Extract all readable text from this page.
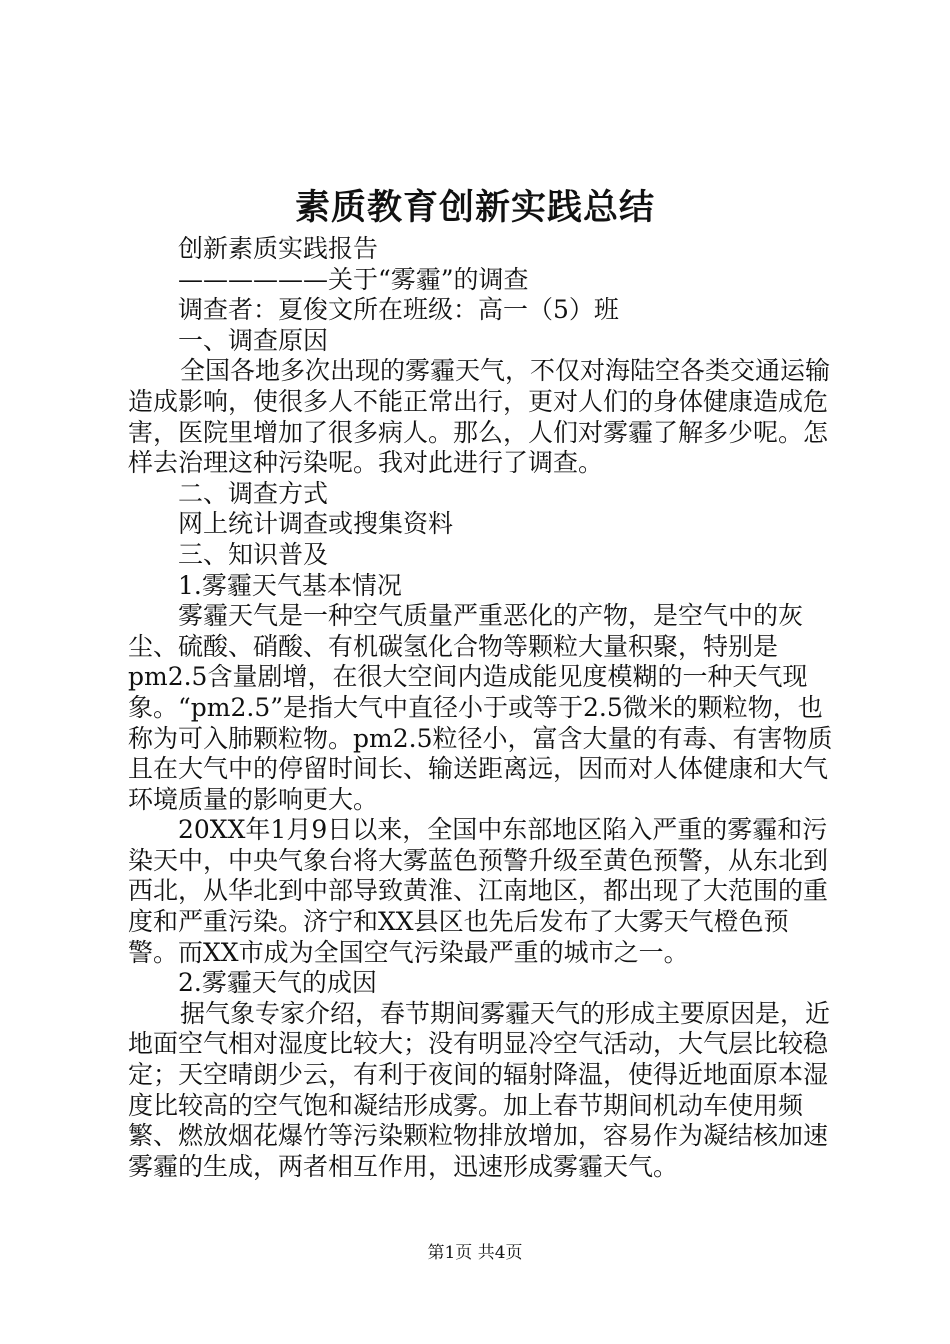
素质教育创新实践总结

创新素质实践报告

——————关于“雾霾”的调查

调查者：夏俊文所在班级：高一（5）班

一、调查原因

全国各地多次出现的雾霾天气，不仅对海陆空各类交通运输造成影响，使很多人不能正常出行，更对人们的身体健康造成危害，医院里增加了很多病人。那么，人们对雾霾了解多少呢。怎样去治理这种污染呢。我对此进行了调查。

二、调查方式

网上统计调查或搜集资料

三、知识普及

1.雾霾天气基本情况

雾霾天气是一种空气质量严重恶化的产物，是空气中的灰尘、硫酸、硝酸、有机碳氢化合物等颗粒大量积聚，特别是pm2.5含量剧增，在很大空间内造成能见度模糊的一种天气现象。“pm2.5”是指大气中直径小于或等于2.5微米的颗粒物，也称为可入肺颗粒物。pm2.5粒径小，富含大量的有毒、有害物质且在大气中的停留时间长、输送距离远，因而对人体健康和大气环境质量的影响更大。

20XX年1月9日以来，全国中东部地区陷入严重的雾霾和污染天中，中央气象台将大雾蓝色预警升级至黄色预警，从东北到西北，从华北到中部导致黄淮、江南地区，都出现了大范围的重度和严重污染。济宁和XX县区也先后发布了大雾天气橙色预警。而XX市成为全国空气污染最严重的城市之一。

2.雾霾天气的成因

据气象专家介绍，春节期间雾霾天气的形成主要原因是，近地面空气相对湿度比较大；没有明显冷空气活动，大气层比较稳定；天空晴朗少云，有利于夜间的辐射降温，使得近地面原本湿度比较高的空气饱和凝结形成雾。加上春节期间机动车使用频繁、燃放烟花爆竹等污染颗粒物排放增加，容易作为凝结核加速雾霾的生成，两者相互作用，迅速形成雾霾天气。

第1页 共4页
